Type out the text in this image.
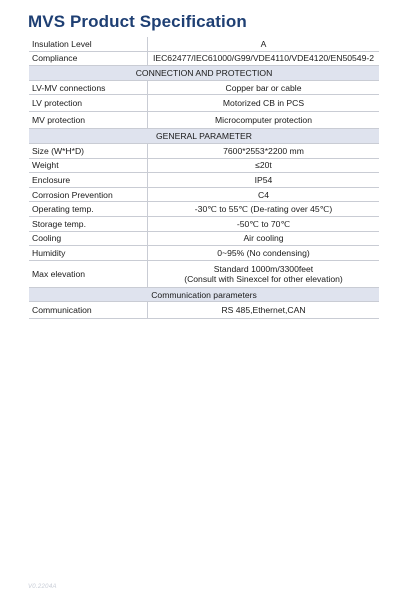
MVS Product Specification
Insulation Level	A
Compliance	IEC62477/IEC61000/G99/VDE4110/VDE4120/EN50549-2
CONNECTION AND PROTECTION	
LV-MV connections	Copper bar or cable
LV protection	Motorized CB in PCS
MV protection	Microcomputer protection
GENERAL PARAMETER	
Size (W*H*D)	7600*2553*2200 mm
Weight	≤20t
Enclosure	IP54
Corrosion Prevention	C4
Operating temp.	-30℃ to 55℃ (De-rating over 45℃)
Storage temp.	-50℃ to 70℃
Cooling	Air cooling
Humidity	0~95% (No condensing)
Max elevation	Standard 1000m/3300feet
(Consult with Sinexcel for other elevation)

Communication parameters	
Communication	RS 485,Ethernet,CAN
V0.2204A
